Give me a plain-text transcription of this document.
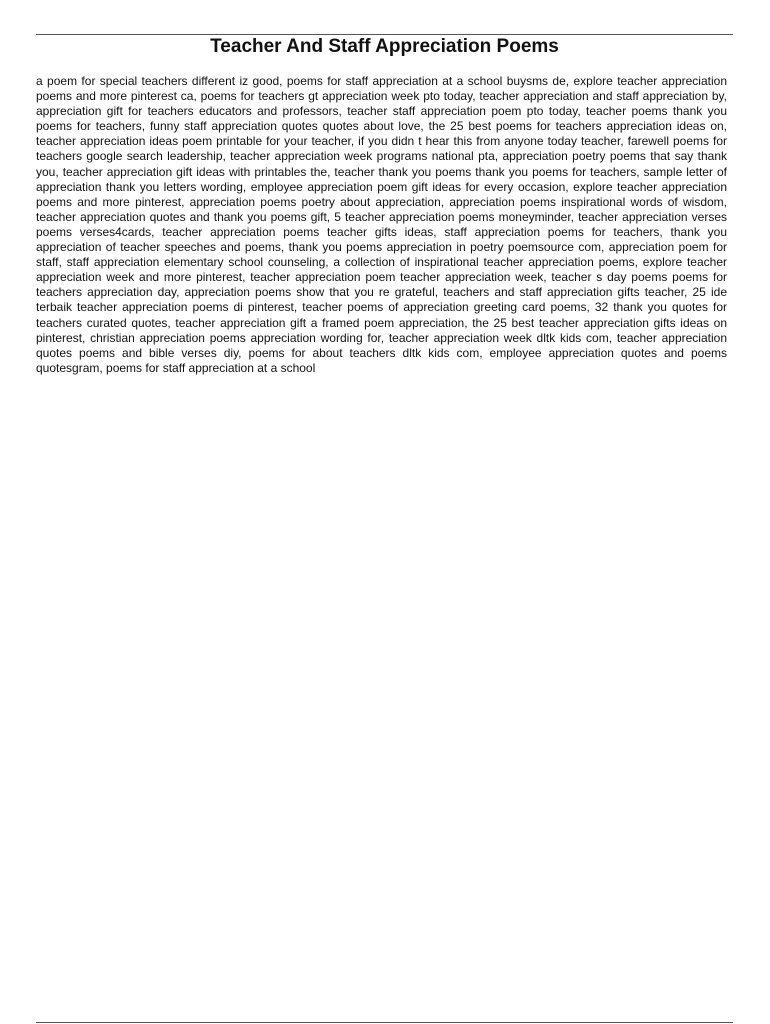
Teacher And Staff Appreciation Poems

a poem for special teachers different iz good, poems for staff appreciation at a school buysms de, explore teacher appreciation poems and more pinterest ca, poems for teachers gt appreciation week pto today, teacher appreciation and staff appreciation by, appreciation gift for teachers educators and professors, teacher staff appreciation poem pto today, teacher poems thank you poems for teachers, funny staff appreciation quotes quotes about love, the 25 best poems for teachers appreciation ideas on, teacher appreciation ideas poem printable for your teacher, if you didn t hear this from anyone today teacher, farewell poems for teachers google search leadership, teacher appreciation week programs national pta, appreciation poetry poems that say thank you, teacher appreciation gift ideas with printables the, teacher thank you poems thank you poems for teachers, sample letter of appreciation thank you letters wording, employee appreciation poem gift ideas for every occasion, explore teacher appreciation poems and more pinterest, appreciation poems poetry about appreciation, appreciation poems inspirational words of wisdom, teacher appreciation quotes and thank you poems gift, 5 teacher appreciation poems moneyminder, teacher appreciation verses poems verses4cards, teacher appreciation poems teacher gifts ideas, staff appreciation poems for teachers, thank you appreciation of teacher speeches and poems, thank you poems appreciation in poetry poemsource com, appreciation poem for staff, staff appreciation elementary school counseling, a collection of inspirational teacher appreciation poems, explore teacher appreciation week and more pinterest, teacher appreciation poem teacher appreciation week, teacher s day poems poems for teachers appreciation day, appreciation poems show that you re grateful, teachers and staff appreciation gifts teacher, 25 ide terbaik teacher appreciation poems di pinterest, teacher poems of appreciation greeting card poems, 32 thank you quotes for teachers curated quotes, teacher appreciation gift a framed poem appreciation, the 25 best teacher appreciation gifts ideas on pinterest, christian appreciation poems appreciation wording for, teacher appreciation week dltk kids com, teacher appreciation quotes poems and bible verses diy, poems for about teachers dltk kids com, employee appreciation quotes and poems quotesgram, poems for staff appreciation at a school
